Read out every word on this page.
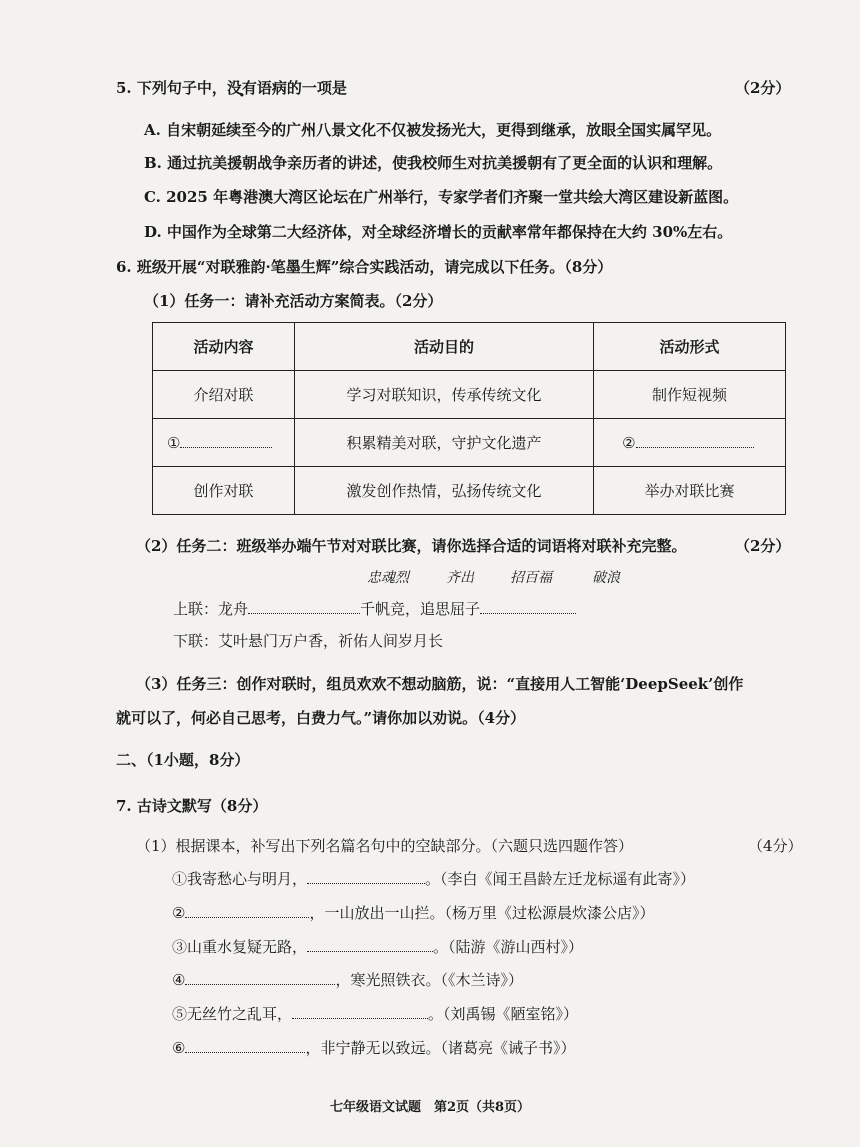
5. 下列句子中，没有语病的一项是	（2分）
A. 自宋朝延续至今的广州八景文化不仅被发扬光大，更得到继承，放眼全国实属罕见。
B. 通过抗美援朝战争亲历者的讲述，使我校师生对抗美援朝有了更全面的认识和理解。
C. 2025 年粤港澳大湾区论坛在广州举行，专家学者们齐聚一堂共绘大湾区建设新蓝图。
D. 中国作为全球第二大经济体，对全球经济增长的贡献率常年都保持在大约 30%左右。
6. 班级开展“对联雅韵·笔墨生辉”综合实践活动，请完成以下任务。（8分）
（1）任务一：请补充活动方案简表。（2分）
活动内容	活动目的	活动形式
介绍对联	学习对联知识，传承传统文化	制作短视频
①	积累精美对联，守护文化遗产	②
创作对联	激发创作热情，弘扬传统文化	举办对联比赛
（2）任务二：班级举办端午节对对联比赛，请你选择合适的词语将对联补充完整。	（2分）
忠魂烈	齐出	招百福	破浪
上联：龙舟	千帆竞，追思屈子
下联：艾叶悬门万户香，祈佑人间岁月长
（3）任务三：创作对联时，组员欢欢不想动脑筋，说：“直接用人工智能‘DeepSeek’创作
就可以了，何必自己思考，白费力气。”请你加以劝说。（4分）
二、（1小题，8分）
7. 古诗文默写（8分）
（1）根据课本，补写出下列名篇名句中的空缺部分。（六题只选四题作答）	（4分）
①我寄愁心与明月，	。（李白《闻王昌龄左迁龙标遥有此寄》）
②	，一山放出一山拦。（杨万里《过松源晨炊漆公店》）
③山重水复疑无路，	。（陆游《游山西村》）
④	，寒光照铁衣。（《木兰诗》）
⑤无丝竹之乱耳，	。（刘禹锡《陋室铭》）
⑥	，非宁静无以致远。（诸葛亮《诫子书》）
七年级语文试题　第2页（共8页）
